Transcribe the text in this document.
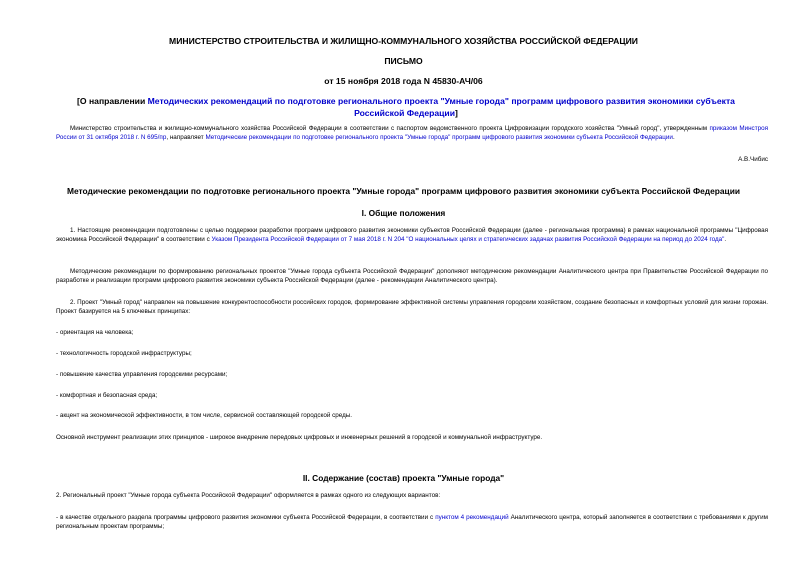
МИНИСТЕРСТВО СТРОИТЕЛЬСТВА И ЖИЛИЩНО-КОММУНАЛЬНОГО ХОЗЯЙСТВА РОССИЙСКОЙ ФЕДЕРАЦИИ

ПИСЬМО

от 15 ноября 2018 года N 45830-АЧ/06

[О направлении Методических рекомендаций по подготовке регионального проекта "Умные города" программ цифрового развития экономики субъекта Российской Федерации]

Министерство строительства и жилищно-коммунального хозяйства Российской Федерации в соответствии с паспортом ведомственного проекта Цифровизации городского хозяйства "Умный город", утвержденным приказом Минстроя России от 31 октября 2018 г. N 695/пр, направляет Методические рекомендации по подготовке регионального проекта "Умные города" программ цифрового развития экономики субъекта Российской Федерации.

А.В.Чибис

Методические рекомендации по подготовке регионального проекта "Умные города" программ цифрового развития экономики субъекта Российской Федерации

I. Общие положения

1. Настоящие рекомендации подготовлены с целью поддержки разработки программ цифрового развития экономики субъектов Российской Федерации (далее - региональная программа) в рамках национальной программы "Цифровая экономика Российской Федерации" в соответствии с Указом Президента Российской Федерации от 7 мая 2018 г. N 204 "О национальных целях и стратегических задачах развития Российской Федерации на период до 2024 года".

Методические рекомендации по формированию региональных проектов "Умные города субъекта Российской Федерации" дополняют методические рекомендации Аналитического центра при Правительстве Российской Федерации по разработке и реализации программ цифрового развития экономики субъекта Российской Федерации (далее - рекомендации Аналитического центра).

2. Проект "Умный город" направлен на повышение конкурентоспособности российских городов, формирование эффективной системы управления городским хозяйством, создание безопасных и комфортных условий для жизни горожан. Проект базируется на 5 ключевых принципах:

- ориентация на человека;

- технологичность городской инфраструктуры;

- повышение качества управления городскими ресурсами;

- комфортная и безопасная среда;

- акцент на экономической эффективности, в том числе, сервисной составляющей городской среды.

Основной инструмент реализации этих принципов - широкое внедрение передовых цифровых и инженерных решений в городской и коммунальной инфраструктуре.

II. Содержание (состав) проекта "Умные города"

2. Региональный проект "Умные города субъекта Российской Федерации" оформляется в рамках одного из следующих вариантов:

- в качестве отдельного раздела программы цифрового развития экономики субъекта Российской Федерации, в соответствии с пунктом 4 рекомендаций Аналитического центра, который заполняется в соответствии с требованиями к другим региональным проектам программы;
